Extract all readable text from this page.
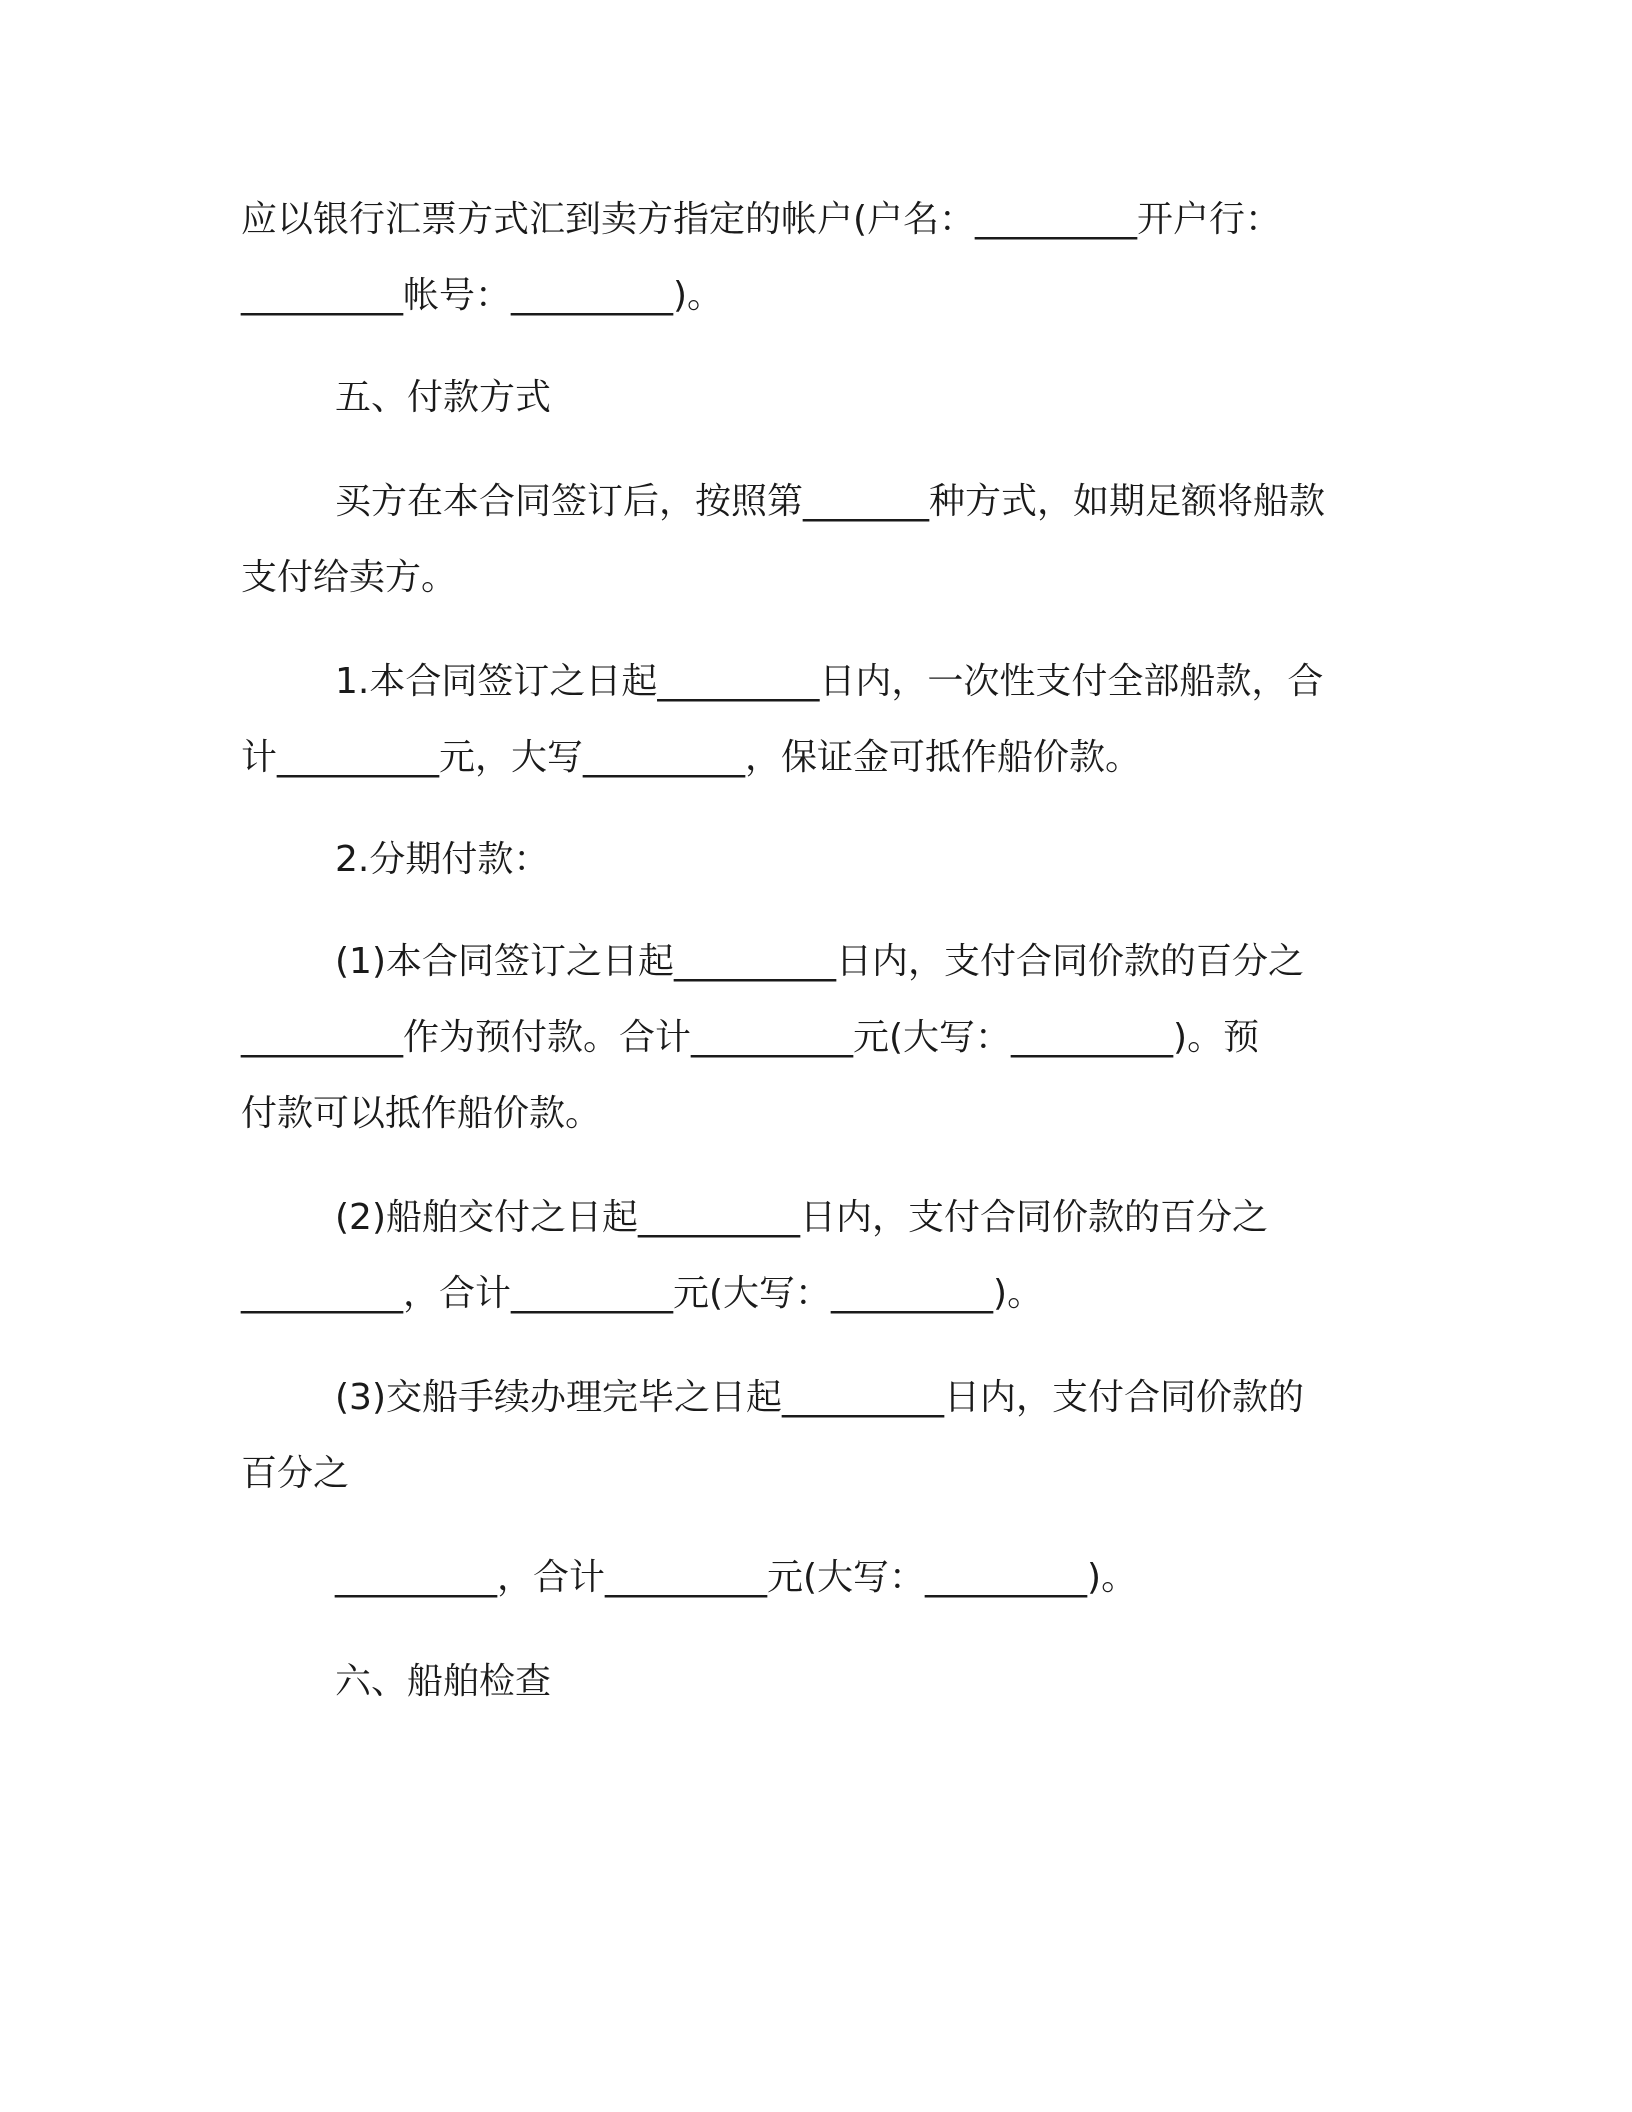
应以银行汇票方式汇到卖方指定的帐户(户名：_________开户行：
_________帐号：_________)。
五、付款方式
买方在本合同签订后，按照第_______种方式，如期足额将船款
支付给卖方。
1.本合同签订之日起_________日内，一次性支付全部船款，合
计_________元，大写_________，保证金可抵作船价款。
2.分期付款：
(1)本合同签订之日起_________日内，支付合同价款的百分之
_________作为预付款。合计_________元(大写：_________)。预
付款可以抵作船价款。
(2)船舶交付之日起_________日内，支付合同价款的百分之
_________，合计_________元(大写：_________)。
(3)交船手续办理完毕之日起_________日内，支付合同价款的
百分之
_________，合计_________元(大写：_________)。
六、船舶检查
